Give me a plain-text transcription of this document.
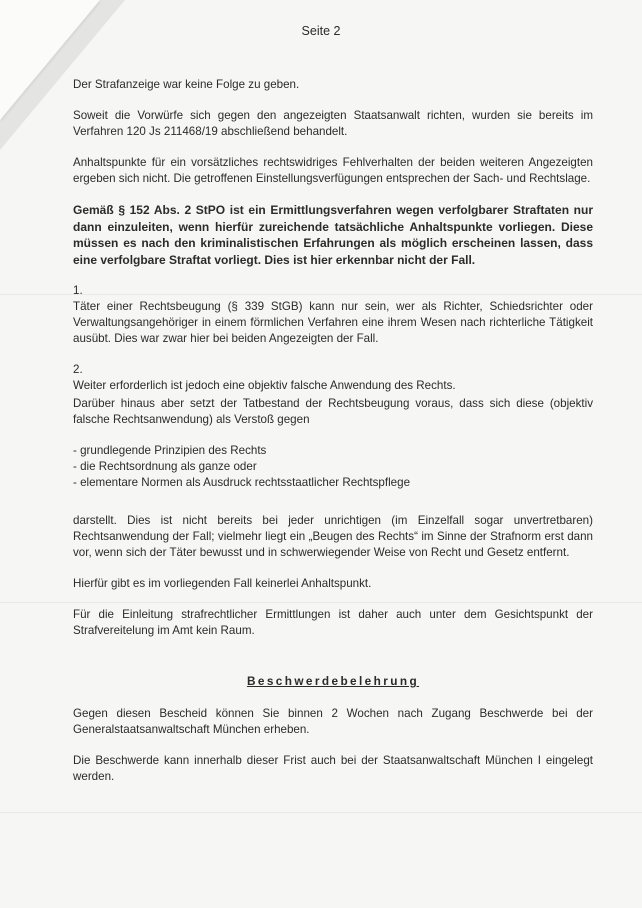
Seite 2

Der Strafanzeige war keine Folge zu geben.

Soweit die Vorwürfe sich gegen den angezeigten Staatsanwalt richten, wurden sie bereits im Verfahren 120 Js 211468/19 abschließend behandelt.

Anhaltspunkte für ein vorsätzliches rechtswidriges Fehlverhalten der beiden weiteren Angezeigten ergeben sich nicht. Die getroffenen Einstellungsverfügungen entsprechen der Sach- und Rechtslage.

Gemäß § 152 Abs. 2 StPO ist ein Ermittlungsverfahren wegen verfolgbarer Straftaten nur dann einzuleiten, wenn hierfür zureichende tatsächliche Anhaltspunkte vorliegen. Diese müssen es nach den kriminalistischen Erfahrungen als möglich erscheinen lassen, dass eine verfolgbare Straftat vorliegt. Dies ist hier erkennbar nicht der Fall.

1.

Täter einer Rechtsbeugung (§ 339 StGB) kann nur sein, wer als Richter, Schiedsrichter oder Verwaltungsangehöriger in einem förmlichen Verfahren eine ihrem Wesen nach richterliche Tätigkeit ausübt. Dies war zwar hier bei beiden Angezeigten der Fall.

2.

Weiter erforderlich ist jedoch eine objektiv falsche Anwendung des Rechts.

Darüber hinaus aber setzt der Tatbestand der Rechtsbeugung voraus, dass sich diese (objektiv falsche Rechtsanwendung) als Verstoß gegen

- grundlegende Prinzipien des Rechts
- die Rechtsordnung als ganze oder
- elementare Normen als Ausdruck rechtsstaatlicher Rechtspflege

darstellt. Dies ist nicht bereits bei jeder unrichtigen (im Einzelfall sogar unvertretbaren) Rechtsanwendung der Fall; vielmehr liegt ein „Beugen des Rechts“ im Sinne der Strafnorm erst dann vor, wenn sich der Täter bewusst und in schwerwiegender Weise von Recht und Gesetz entfernt.

Hierfür gibt es im vorliegenden Fall keinerlei Anhaltspunkt.

Für die Einleitung strafrechtlicher Ermittlungen ist daher auch unter dem Gesichtspunkt der Strafvereitelung im Amt kein Raum.

Beschwerdebelehrung

Gegen diesen Bescheid können Sie binnen 2 Wochen nach Zugang Beschwerde bei der Generalstaatsanwaltschaft München erheben.

Die Beschwerde kann innerhalb dieser Frist auch bei der Staatsanwaltschaft München I eingelegt werden.
